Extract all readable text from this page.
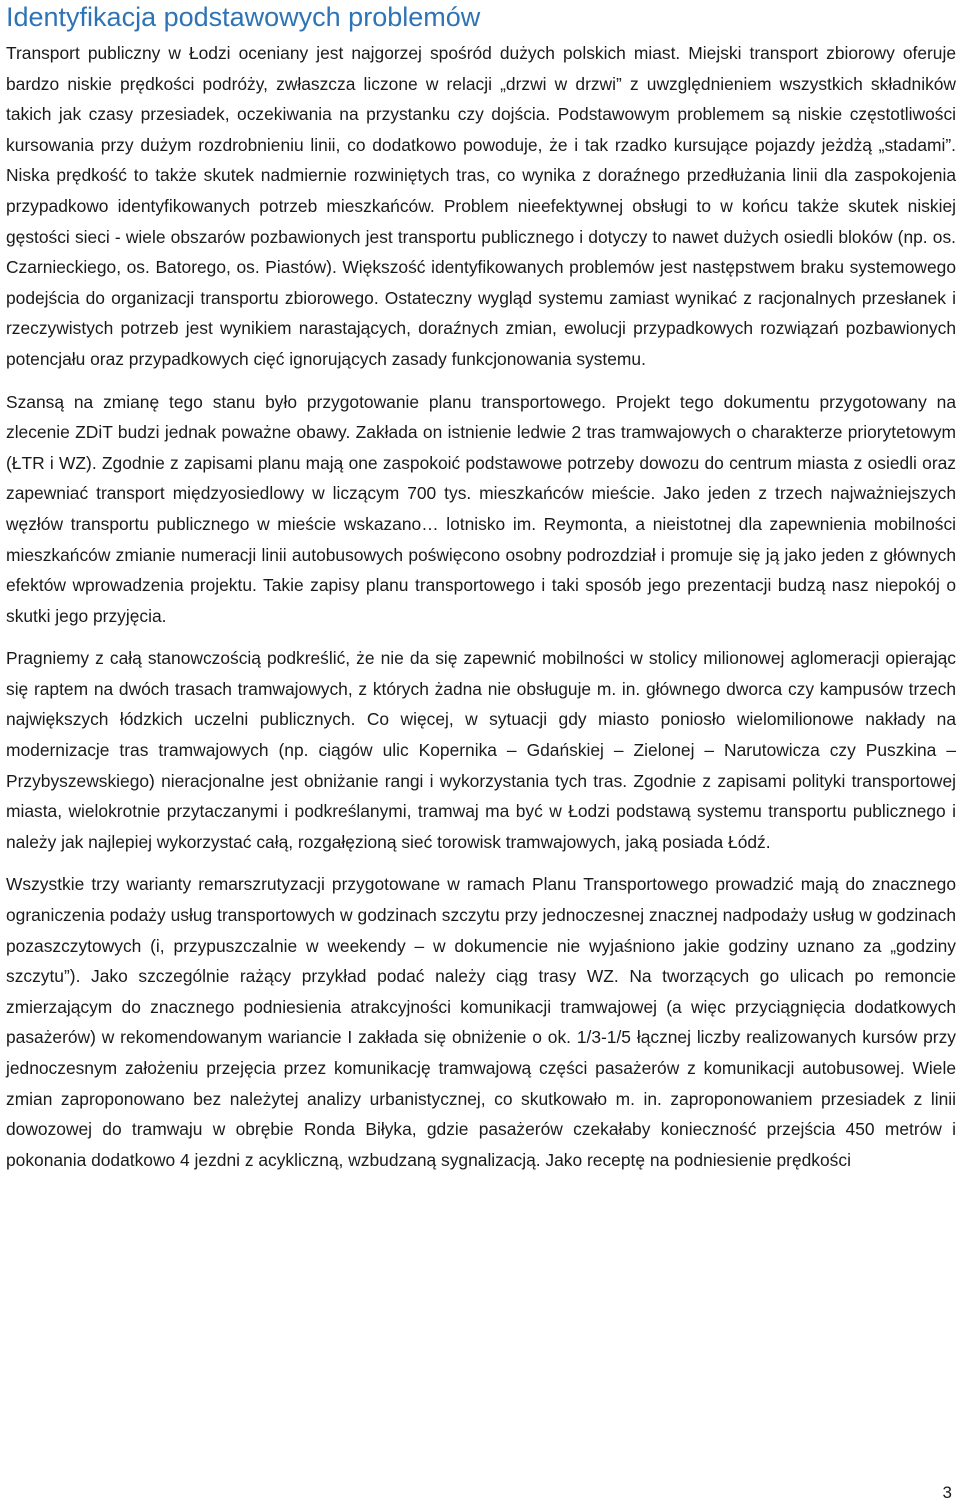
Identyfikacja podstawowych problemów

Transport publiczny w Łodzi oceniany jest najgorzej spośród dużych polskich miast. Miejski transport zbiorowy oferuje bardzo niskie prędkości podróży, zwłaszcza liczone w relacji „drzwi w drzwi” z uwzględnieniem wszystkich składników takich jak czasy przesiadek, oczekiwania na przystanku czy dojścia. Podstawowym problemem są niskie częstotliwości kursowania przy dużym rozdrobnieniu linii, co dodatkowo powoduje, że i tak rzadko kursujące pojazdy jeżdżą „stadami”. Niska prędkość to także skutek nadmiernie rozwiniętych tras, co wynika z doraźnego przedłużania linii dla zaspokojenia przypadkowo identyfikowanych potrzeb mieszkańców. Problem nieefektywnej obsługi to w końcu także skutek niskiej gęstości sieci - wiele obszarów pozbawionych jest transportu publicznego i dotyczy to nawet dużych osiedli bloków (np. os. Czarnieckiego, os. Batorego, os. Piastów). Większość identyfikowanych problemów jest następstwem braku systemowego podejścia do organizacji transportu zbiorowego. Ostateczny wygląd systemu zamiast wynikać z racjonalnych przesłanek i rzeczywistych potrzeb jest wynikiem narastających, doraźnych zmian, ewolucji przypadkowych rozwiązań pozbawionych potencjału oraz przypadkowych cięć ignorujących zasady funkcjonowania systemu.

Szansą na zmianę tego stanu było przygotowanie planu transportowego. Projekt tego dokumentu przygotowany na zlecenie ZDiT budzi jednak poważne obawy. Zakłada on istnienie ledwie 2 tras tramwajowych o charakterze priorytetowym (ŁTR i WZ). Zgodnie z zapisami planu mają one zaspokoić podstawowe potrzeby dowozu do centrum miasta z osiedli oraz zapewniać transport międzyosiedlowy w liczącym 700 tys. mieszkańców mieście. Jako jeden z trzech najważniejszych węzłów transportu publicznego w mieście wskazano… lotnisko im. Reymonta, a nieistotnej dla zapewnienia mobilności mieszkańców zmianie numeracji linii autobusowych poświęcono osobny podrozdział i promuje się ją jako jeden z głównych efektów wprowadzenia projektu. Takie zapisy planu transportowego i taki sposób jego prezentacji budzą nasz niepokój o skutki jego przyjęcia.

Pragniemy z całą stanowczością podkreślić, że nie da się zapewnić mobilności w stolicy milionowej aglomeracji opierając się raptem na dwóch trasach tramwajowych, z których żadna nie obsługuje m. in. głównego dworca czy kampusów trzech największych łódzkich uczelni publicznych. Co więcej, w sytuacji gdy miasto poniosło wielomilionowe nakłady na modernizacje tras tramwajowych (np. ciągów ulic Kopernika – Gdańskiej – Zielonej – Narutowicza czy Puszkina – Przybyszewskiego) nieracjonalne jest obniżanie rangi i wykorzystania tych tras. Zgodnie z zapisami polityki transportowej miasta, wielokrotnie przytaczanymi i podkreślanymi, tramwaj ma być w Łodzi podstawą systemu transportu publicznego i należy jak najlepiej wykorzystać całą, rozgałęzioną sieć torowisk tramwajowych, jaką posiada Łódź.

Wszystkie trzy warianty remarszrutyzacji przygotowane w ramach Planu Transportowego prowadzić mają do znacznego ograniczenia podaży usług transportowych w godzinach szczytu przy jednoczesnej znacznej nadpodaży usług w godzinach pozaszczytowych (i, przypuszczalnie w weekendy – w dokumencie nie wyjaśniono jakie godziny uznano za „godziny szczytu”). Jako szczególnie rażący przykład podać należy ciąg trasy WZ. Na tworzących go ulicach po remoncie zmierzającym do znacznego podniesienia atrakcyjności komunikacji tramwajowej (a więc przyciągnięcia dodatkowych pasażerów) w rekomendowanym wariancie I zakłada się obniżenie o ok. 1/3-1/5 łącznej liczby realizowanych kursów przy jednoczesnym założeniu przejęcia przez komunikację tramwajową części pasażerów z komunikacji autobusowej. Wiele zmian zaproponowano bez należytej analizy urbanistycznej, co skutkowało m. in. zaproponowaniem przesiadek z linii dowozowej do tramwaju w obrębie Ronda Biłyka, gdzie pasażerów czekałaby konieczność przejścia 450 metrów i pokonania dodatkowo 4 jezdni z acykliczną, wzbudzaną sygnalizacją. Jako receptę na podniesienie prędkości

3
